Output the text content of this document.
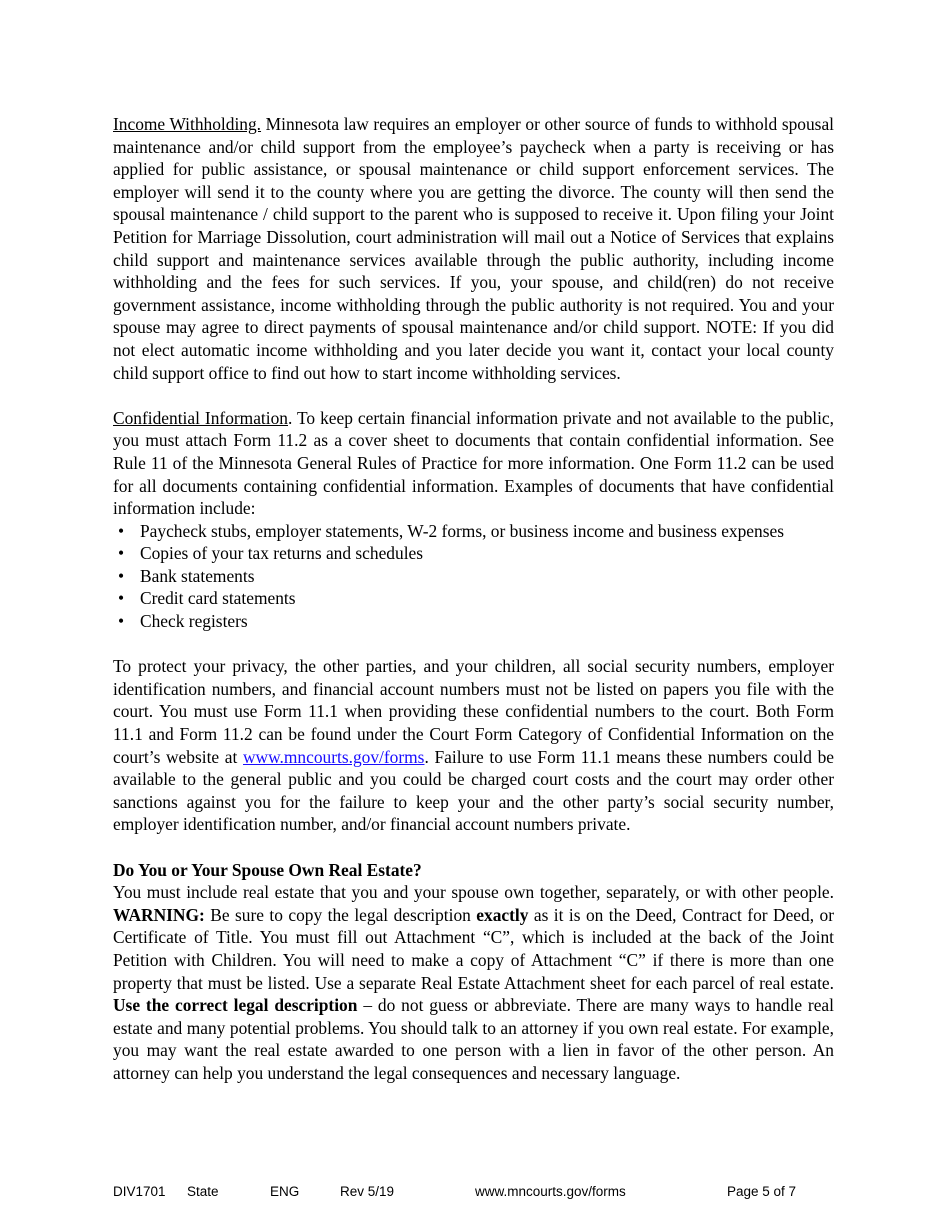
Income Withholding. Minnesota law requires an employer or other source of funds to withhold spousal maintenance and/or child support from the employee’s paycheck when a party is receiving or has applied for public assistance, or spousal maintenance or child support enforcement services. The employer will send it to the county where you are getting the divorce. The county will then send the spousal maintenance / child support to the parent who is supposed to receive it. Upon filing your Joint Petition for Marriage Dissolution, court administration will mail out a Notice of Services that explains child support and maintenance services available through the public authority, including income withholding and the fees for such services. If you, your spouse, and child(ren) do not receive government assistance, income withholding through the public authority is not required. You and your spouse may agree to direct payments of spousal maintenance and/or child support. NOTE: If you did not elect automatic income withholding and you later decide you want it, contact your local county child support office to find out how to start income withholding services.

Confidential Information. To keep certain financial information private and not available to the public, you must attach Form 11.2 as a cover sheet to documents that contain confidential information. See Rule 11 of the Minnesota General Rules of Practice for more information. One Form 11.2 can be used for all documents containing confidential information. Examples of documents that have confidential information include:

• Paycheck stubs, employer statements, W-2 forms, or business income and business expenses
• Copies of your tax returns and schedules
• Bank statements
• Credit card statements
• Check registers

To protect your privacy, the other parties, and your children, all social security numbers, employer identification numbers, and financial account numbers must not be listed on papers you file with the court. You must use Form 11.1 when providing these confidential numbers to the court. Both Form 11.1 and Form 11.2 can be found under the Court Form Category of Confidential Information on the court’s website at www.mncourts.gov/forms. Failure to use Form 11.1 means these numbers could be available to the general public and you could be charged court costs and the court may order other sanctions against you for the failure to keep your and the other party’s social security number, employer identification number, and/or financial account numbers private.

Do You or Your Spouse Own Real Estate?

You must include real estate that you and your spouse own together, separately, or with other people. WARNING: Be sure to copy the legal description exactly as it is on the Deed, Contract for Deed, or Certificate of Title. You must fill out Attachment “C”, which is included at the back of the Joint Petition with Children. You will need to make a copy of Attachment “C” if there is more than one property that must be listed. Use a separate Real Estate Attachment sheet for each parcel of real estate. Use the correct legal description – do not guess or abbreviate. There are many ways to handle real estate and many potential problems. You should talk to an attorney if you own real estate. For example, you may want the real estate awarded to one person with a lien in favor of the other person. An attorney can help you understand the legal consequences and necessary language.

DIV1701 State	ENG	Rev 5/19	www.mncourts.gov/forms	Page 5 of 7
